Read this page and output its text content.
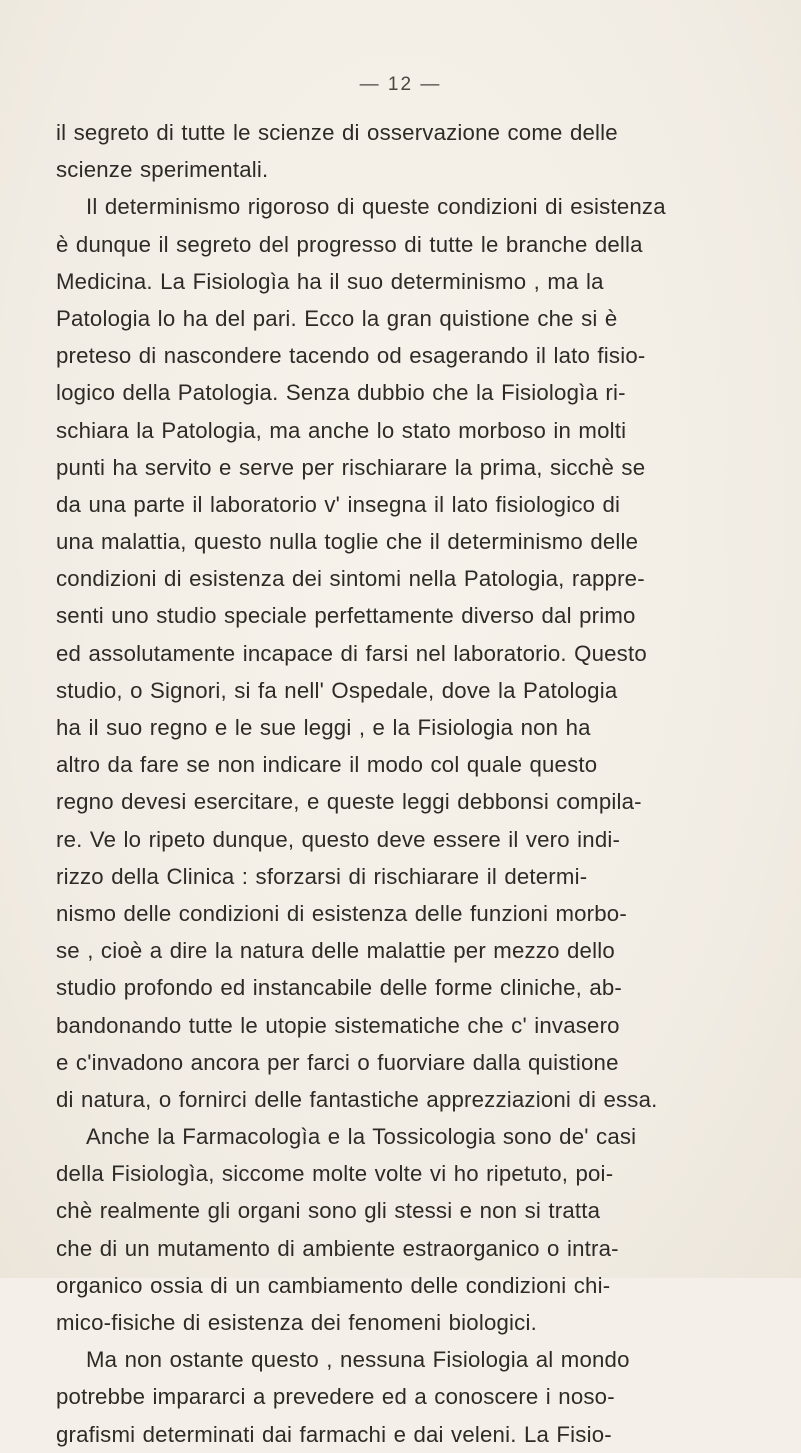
— 12 —
il segreto di tutte le scienze di osservazione come delle
scienze sperimentali.
Il determinismo rigoroso di queste condizioni di esistenza
è dunque il segreto del progresso di tutte le branche della
Medicina. La Fisiologìa ha il suo determinismo , ma la
Patologia lo ha del pari. Ecco la gran quistione che si è
preteso di nascondere tacendo od esagerando il lato fisio-
logico della Patologia. Senza dubbio che la Fisiologìa ri-
schiara la Patologia, ma anche lo stato morboso in molti
punti ha servito e serve per rischiarare la prima, sicchè se
da una parte il laboratorio v' insegna il lato fisiologico di
una malattia, questo nulla toglie che il determinismo delle
condizioni di esistenza dei sintomi nella Patologia, rappre-
senti uno studio speciale perfettamente diverso dal primo
ed assolutamente incapace di farsi nel laboratorio. Questo
studio, o Signori, si fa nell' Ospedale, dove la Patologia
ha il suo regno e le sue leggi , e la Fisiologia non ha
altro da fare se non indicare il modo col quale questo
regno devesi esercitare, e queste leggi debbonsi compila-
re. Ve lo ripeto dunque, questo deve essere il vero indi-
rizzo della Clinica : sforzarsi di rischiarare il determi-
nismo delle condizioni di esistenza delle funzioni morbo-
se , cioè a dire la natura delle malattie per mezzo dello
studio profondo ed instancabile delle forme cliniche, ab-
bandonando tutte le utopie sistematiche che c' invasero
e c'invadono ancora per farci o fuorviare dalla quistione
di natura, o fornirci delle fantastiche apprezziazioni di essa.
Anche la Farmacologìa e la Tossicologia sono de' casi
della Fisiologìa, siccome molte volte vi ho ripetuto, poi-
chè realmente gli organi sono gli stessi e non si tratta
che di un mutamento di ambiente estraorganico o intra-
organico ossia di un cambiamento delle condizioni chi-
mico-fisiche di esistenza dei fenomeni biologici.
Ma non ostante questo , nessuna Fisiologia al mondo
potrebbe impararci a prevedere ed a conoscere i noso-
grafismi determinati dai farmachi e dai veleni. La Fisio-
